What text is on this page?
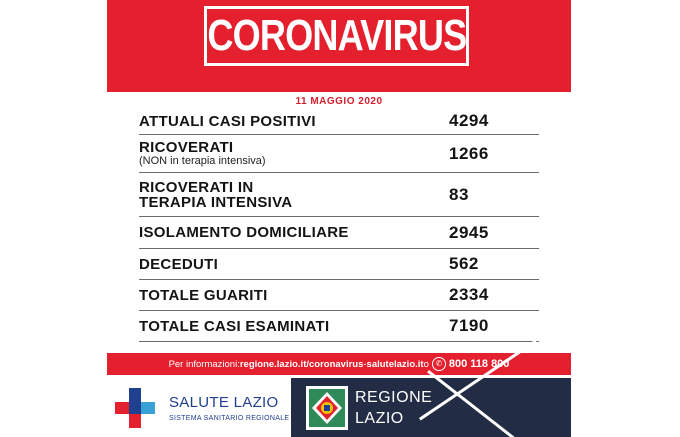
CORONAVIRUS
11 MAGGIO 2020
ATTUALI CASI POSITIVI	4294
RICOVERATI
(NON in terapia intensiva)	1266
RICOVERATI IN
TERAPIA INTENSIVA	83
ISOLAMENTO DOMICILIARE	2945
DECEDUTI	562
TOTALE GUARITI	2334
TOTALE CASI ESAMINATI	7190
Per informazioni: regione.lazio.it/coronavirus - salutelazio.it o ✆ 800 118 800
SALUTE LAZIO
SISTEMA SANITARIO REGIONALE
REGIONE
LAZIO
